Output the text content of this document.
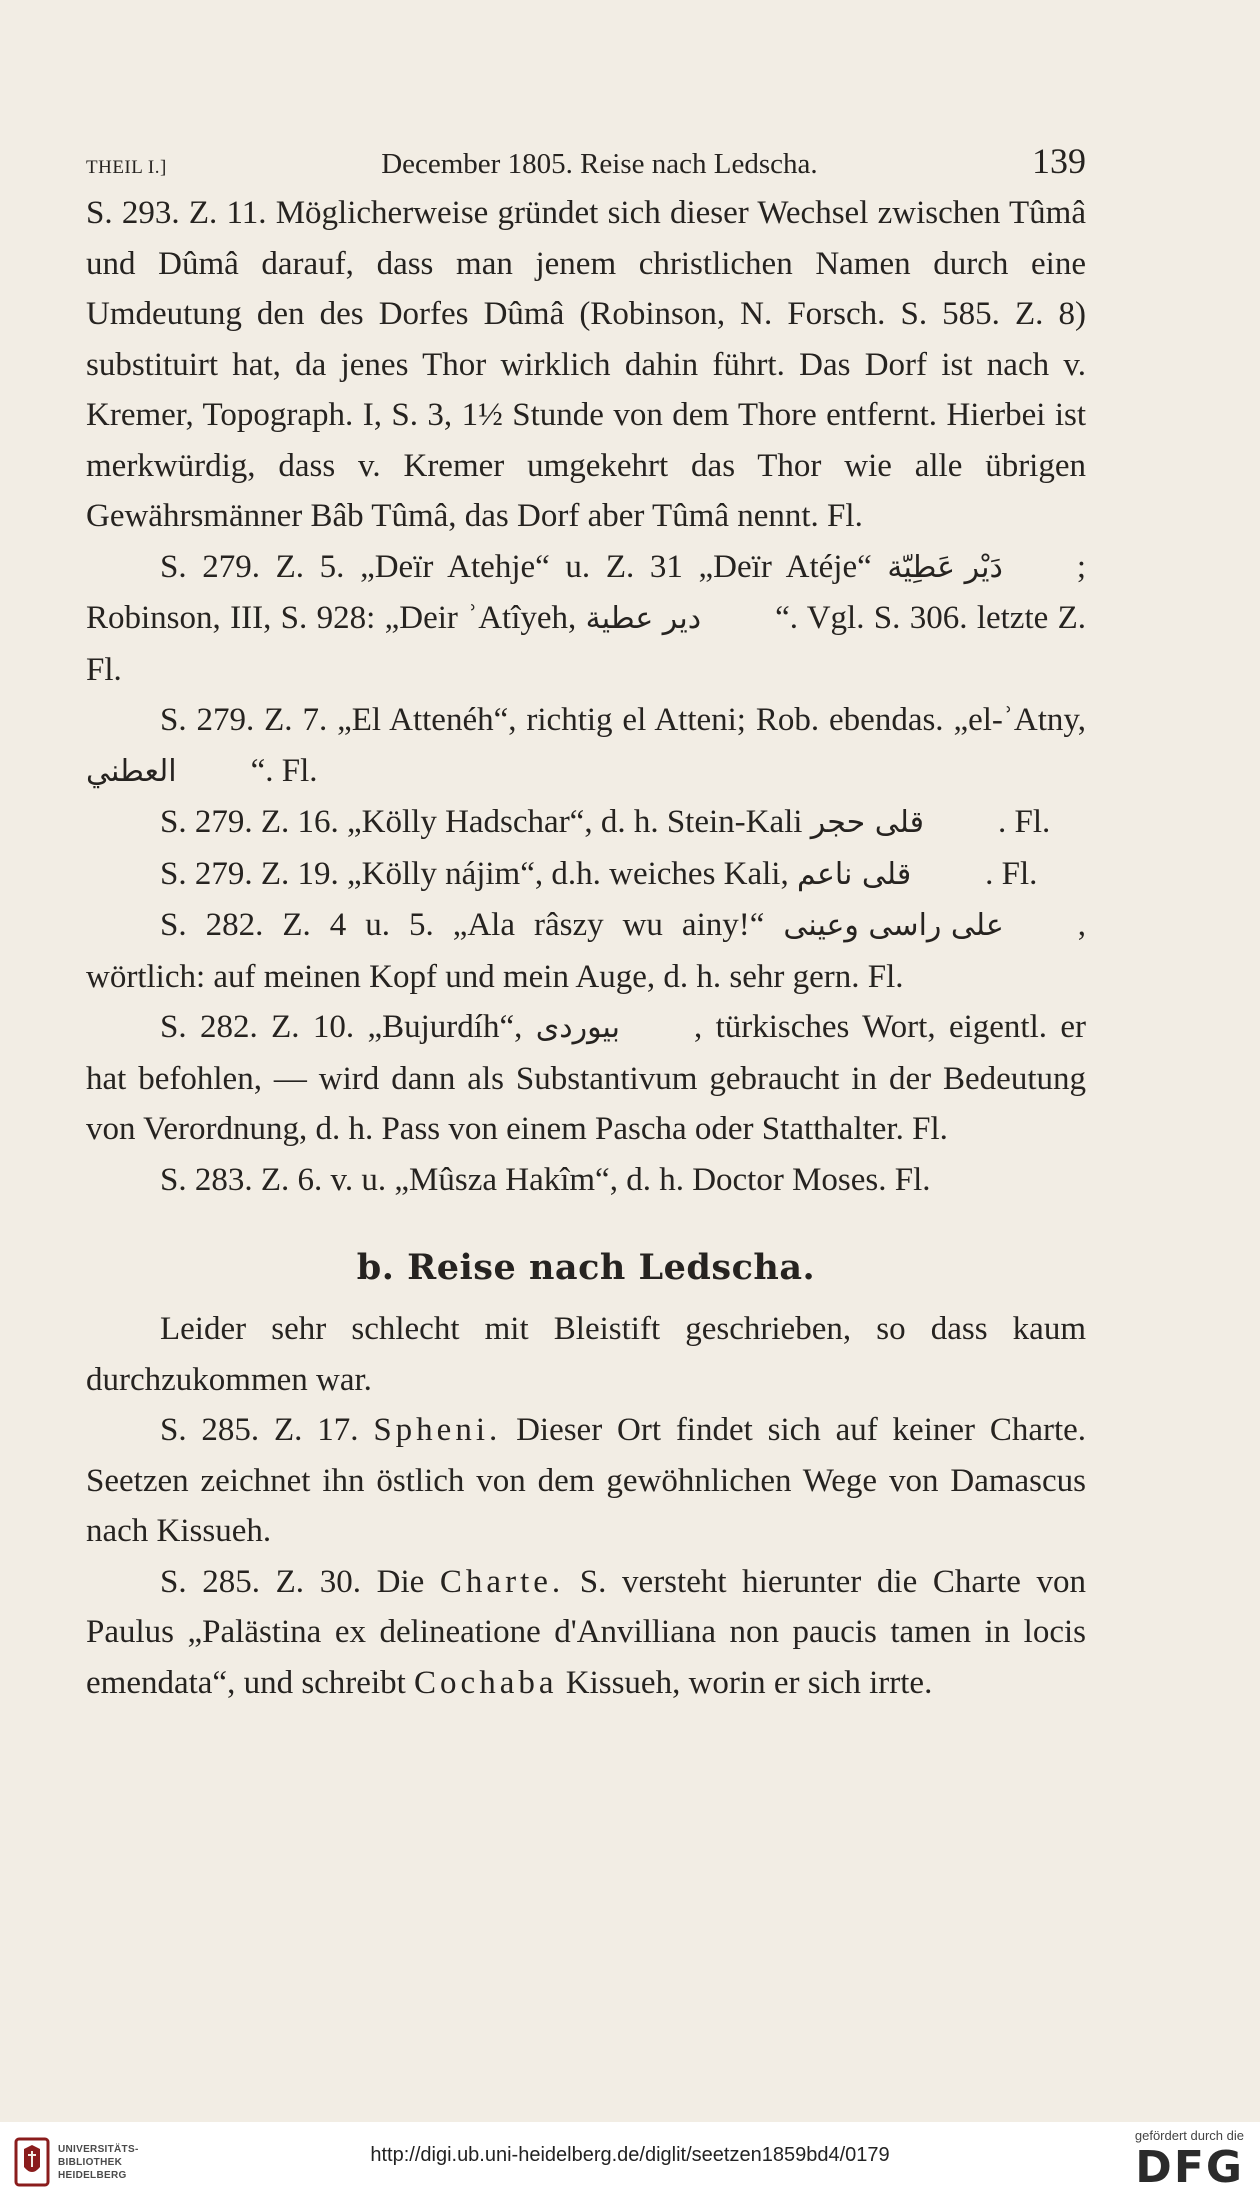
THEIL I.]	December 1805. Reise nach Ledscha.	139

S. 293. Z. 11. Möglicherweise gründet sich dieser Wechsel zwischen Tûmâ und Dûmâ darauf, dass man jenem christlichen Namen durch eine Umdeutung den des Dorfes Dûmâ (Robinson, N. Forsch. S. 585. Z. 8) substituirt hat, da jenes Thor wirklich dahin führt. Das Dorf ist nach v. Kremer, Topograph. I, S. 3, 1½ Stunde von dem Thore entfernt. Hierbei ist merkwürdig, dass v. Kremer umgekehrt das Thor wie alle übrigen Gewährsmänner Bâb Tûmâ, das Dorf aber Tûmâ nennt. Fl.

S. 279. Z. 5. „Deïr Atehje“ u. Z. 31 „Deïr Atéje“ دَيْر عَطِيّة ; Robinson, III, S. 928: „Deir ʾAtîyeh, دير عطية “. Vgl. S. 306. letzte Z. Fl.

S. 279. Z. 7. „El Attenéh“, richtig el Atteni; Rob. ebendas. „el-ʾAtny, العطني “. Fl.

S. 279. Z. 16. „Kölly Hadschar“, d. h. Stein-Kali قلى حجر . Fl.

S. 279. Z. 19. „Kölly nájim“, d.h. weiches Kali, قلى ناعم . Fl.

S. 282. Z. 4 u. 5. „Ala râszy wu ainy!“ على راسى وعينى , wörtlich: auf meinen Kopf und mein Auge, d. h. sehr gern. Fl.

S. 282. Z. 10. „Bujurdíh“, بيوردى , türkisches Wort, eigentl. er hat befohlen, — wird dann als Substantivum gebraucht in der Bedeutung von Verordnung, d. h. Pass von einem Pascha oder Statthalter. Fl.

S. 283. Z. 6. v. u. „Mûsza Hakîm“, d. h. Doctor Moses. Fl.

b. Reise nach Ledscha.

Leider sehr schlecht mit Bleistift geschrieben, so dass kaum durchzukommen war.

S. 285. Z. 17. Spheni. Dieser Ort findet sich auf keiner Charte. Seetzen zeichnet ihn östlich von dem gewöhnlichen Wege von Damascus nach Kissueh.

S. 285. Z. 30. Die Charte. S. versteht hierunter die Charte von Paulus „Palästina ex delineatione d'Anvilliana non paucis tamen in locis emendata“, und schreibt Cochaba Kissueh, worin er sich irrte.

UNIVERSITÄTS-
BIBLIOTHEK
HEIDELBERG
http://digi.ub.uni-heidelberg.de/diglit/seetzen1859bd4/0179
gefördert durch die
DFG
